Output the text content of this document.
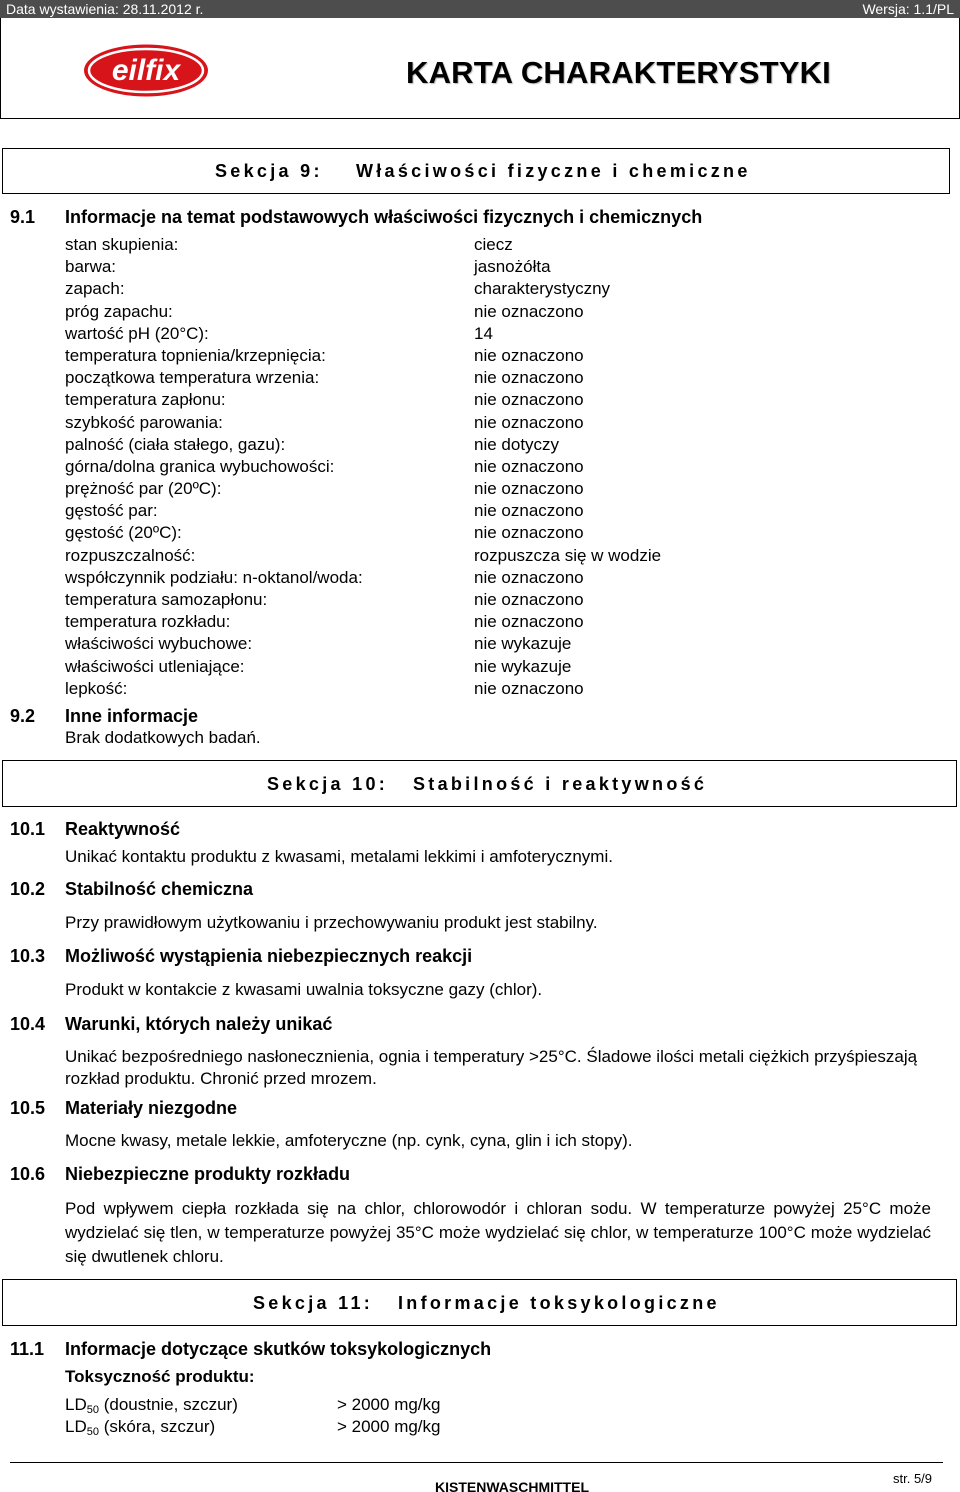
Data wystawienia: 28.11.2012 r.	Wersja: 1.1/PL
eilfix	KARTA CHARAKTERYSTYKI
Sekcja 9:    Właściwości fizyczne i chemiczne
9.1 Informacje na temat podstawowych właściwości fizycznych i chemicznych
stan skupienia:	ciecz
barwa:	jasnożółta
zapach:	charakterystyczny
próg zapachu:	nie oznaczono
wartość pH (20°C):	14
temperatura topnienia/krzepnięcia:	nie oznaczono
początkowa temperatura wrzenia:	nie oznaczono
temperatura zapłonu:	nie oznaczono
szybkość parowania:	nie oznaczono
palność (ciała stałego, gazu):	nie dotyczy
górna/dolna granica wybuchowości:	nie oznaczono
prężność par (20ºC):	nie oznaczono
gęstość par:	nie oznaczono
gęstość (20ºC):	nie oznaczono
rozpuszczalność:	rozpuszcza się w wodzie
współczynnik podziału: n-oktanol/woda:	nie oznaczono
temperatura samozapłonu:	nie oznaczono
temperatura rozkładu:	nie oznaczono
właściwości wybuchowe:	nie wykazuje
właściwości utleniające:	nie wykazuje
lepkość:	nie oznaczono
9.2 Inne informacje
Brak dodatkowych badań.
Sekcja 10:   Stabilność i reaktywność
10.1 Reaktywność
Unikać kontaktu produktu z kwasami, metalami lekkimi i amfoterycznymi.
10.2 Stabilność chemiczna
Przy prawidłowym użytkowaniu i przechowywaniu produkt jest stabilny.
10.3 Możliwość wystąpienia niebezpiecznych reakcji
Produkt w kontakcie z kwasami uwalnia toksyczne gazy (chlor).
10.4 Warunki, których należy unikać
Unikać bezpośredniego nasłonecznienia, ognia i temperatury >25°C. Śladowe ilości metali ciężkich przyśpieszają rozkład produktu. Chronić przed mrozem.
10.5 Materiały niezgodne
Mocne kwasy, metale lekkie, amfoteryczne (np. cynk, cyna, glin i ich stopy).
10.6 Niebezpieczne produkty rozkładu
Pod wpływem ciepła rozkłada się na chlor, chlorowodór i chloran sodu. W temperaturze powyżej 25°C może wydzielać się tlen, w temperaturze powyżej 35°C może wydzielać się chlor, w temperaturze 100°C może wydzielać się dwutlenek chloru.
Sekcja 11:   Informacje toksykologiczne
11.1 Informacje dotyczące skutków toksykologicznych
Toksyczność produktu:
$LD_{50}$ (doustnie, szczur)	> 2000 mg/kg
$LD_{50}$ (skóra, szczur)	> 2000 mg/kg
KISTENWASCHMITTEL
str. 5/9
